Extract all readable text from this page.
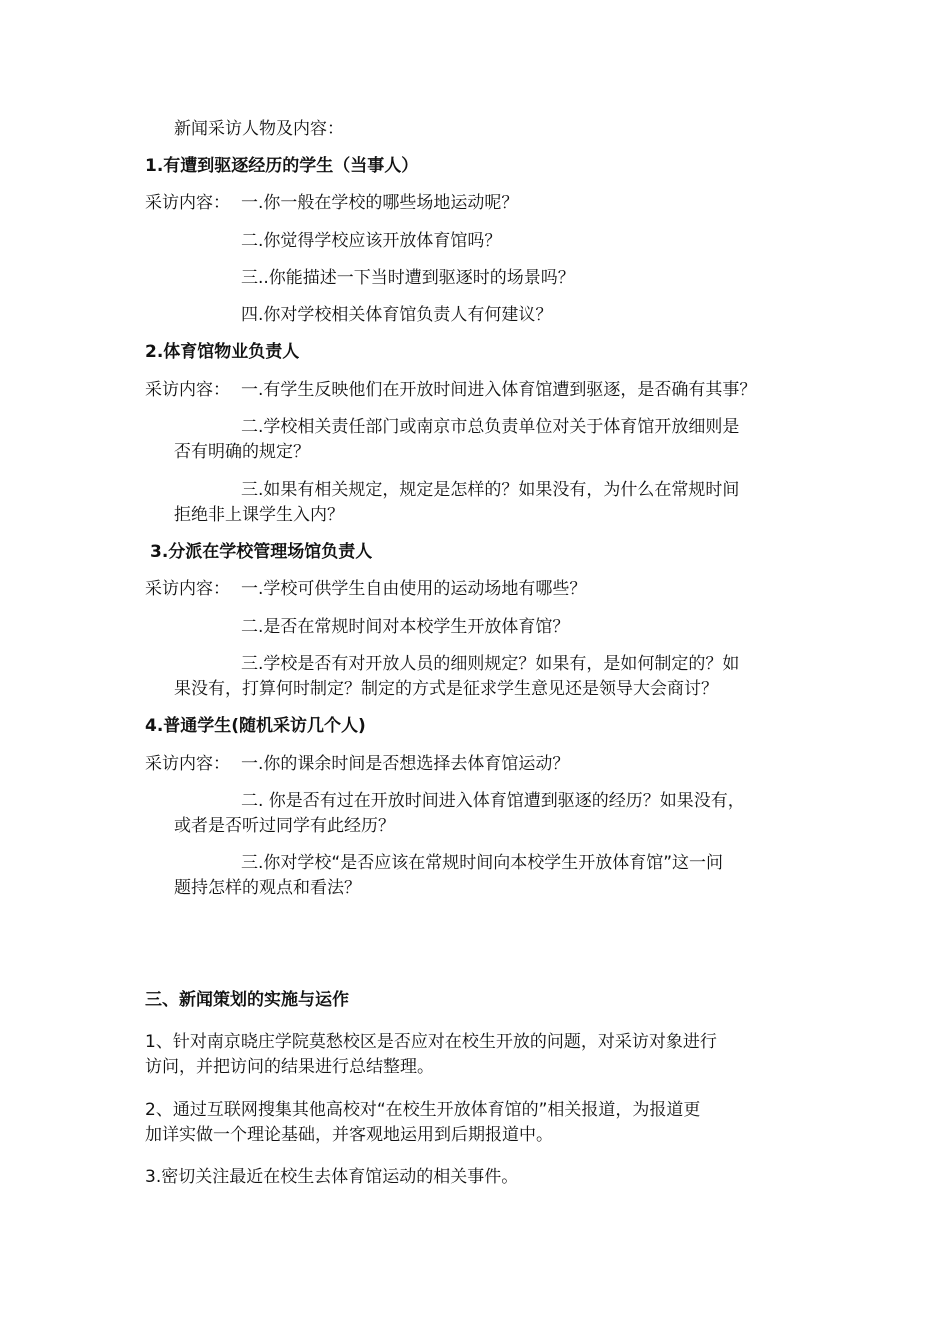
新闻采访人物及内容：
1.有遭到驱逐经历的学生（当事人）
采访内容： 一.你一般在学校的哪些场地运动呢？
二.你觉得学校应该开放体育馆吗？
三..你能描述一下当时遭到驱逐时的场景吗？
四.你对学校相关体育馆负责人有何建议？
2.体育馆物业负责人
采访内容： 一.有学生反映他们在开放时间进入体育馆遭到驱逐，是否确有其事？
二.学校相关责任部门或南京市总负责单位对关于体育馆开放细则是
否有明确的规定？
三.如果有相关规定，规定是怎样的？如果没有，为什么在常规时间
拒绝非上课学生入内？
3.分派在学校管理场馆负责人
采访内容： 一.学校可供学生自由使用的运动场地有哪些？
二.是否在常规时间对本校学生开放体育馆？
三.学校是否有对开放人员的细则规定？如果有，是如何制定的？如
果没有，打算何时制定？制定的方式是征求学生意见还是领导大会商讨？
4.普通学生(随机采访几个人)
采访内容： 一.你的课余时间是否想选择去体育馆运动？
二. 你是否有过在开放时间进入体育馆遭到驱逐的经历？如果没有，
或者是否听过同学有此经历？
三.你对学校“是否应该在常规时间向本校学生开放体育馆”这一问
题持怎样的观点和看法？
三、新闻策划的实施与运作
1、针对南京晓庄学院莫愁校区是否应对在校生开放的问题，对采访对象进行
访问，并把访问的结果进行总结整理。
2、通过互联网搜集其他高校对“在校生开放体育馆的”相关报道，为报道更
加详实做一个理论基础，并客观地运用到后期报道中。
3.密切关注最近在校生去体育馆运动的相关事件。
